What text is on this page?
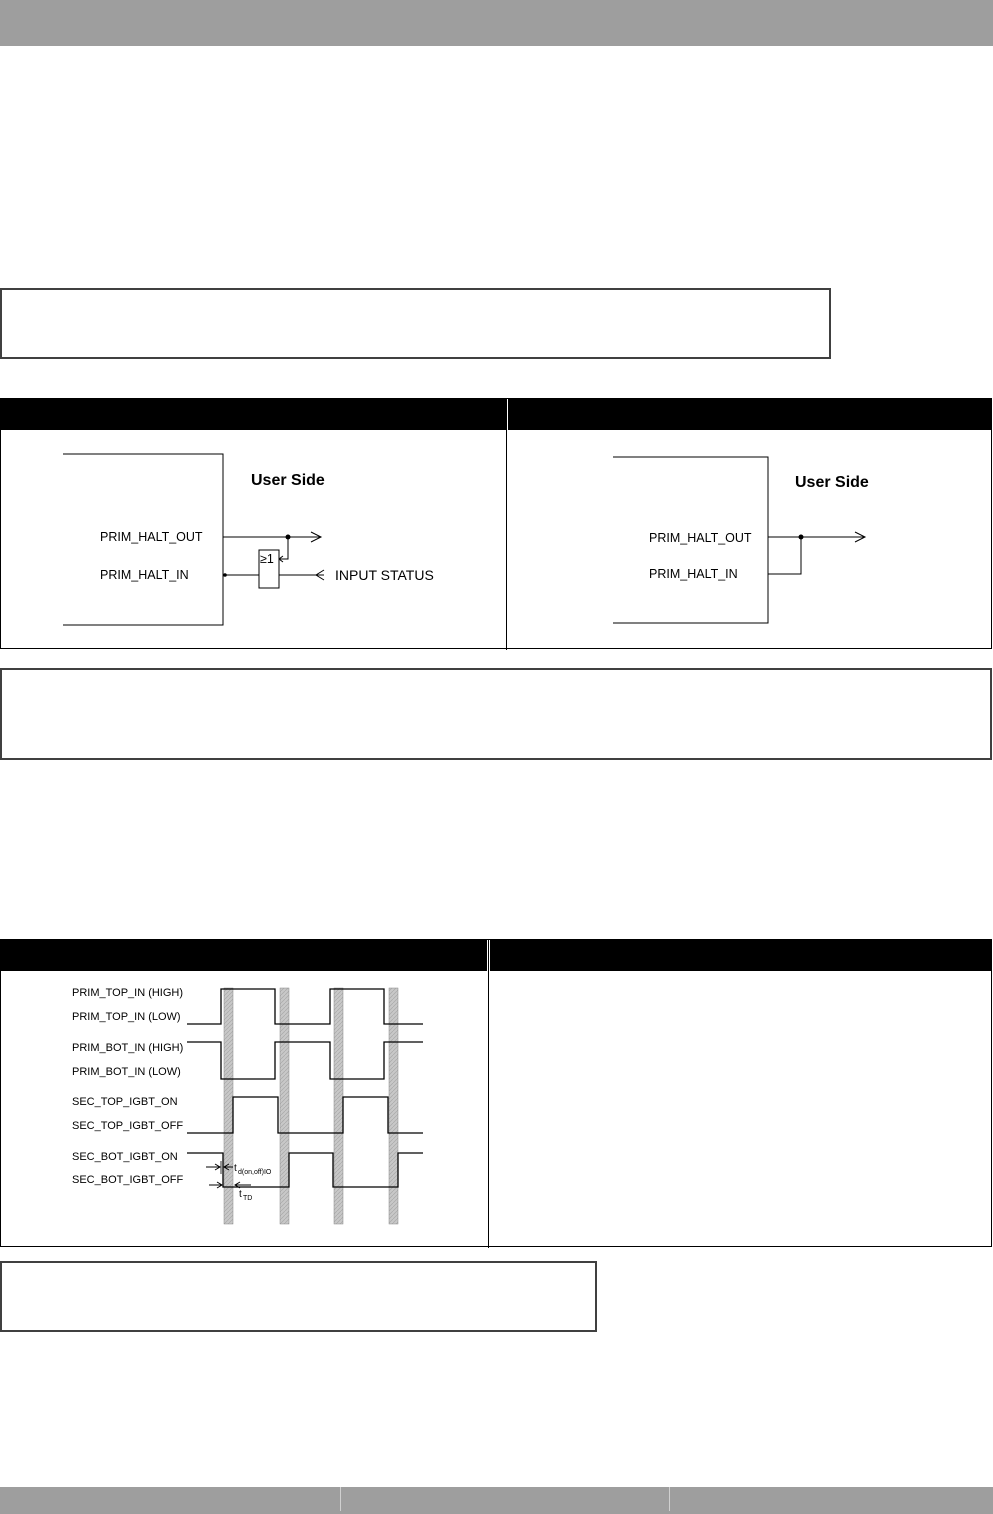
User Side
PRIM_HALT_OUT
PRIM_HALT_IN
≥1
INPUT STATUS
User Side
PRIM_HALT_OUT
PRIM_HALT_IN
PRIM_TOP_IN (HIGH)
PRIM_TOP_IN (LOW)
PRIM_BOT_IN (HIGH)
PRIM_BOT_IN (LOW)
SEC_TOP_IGBT_ON
SEC_TOP_IGBT_OFF
SEC_BOT_IGBT_ON
SEC_BOT_IGBT_OFF
t d(on,off)IO
t TD
